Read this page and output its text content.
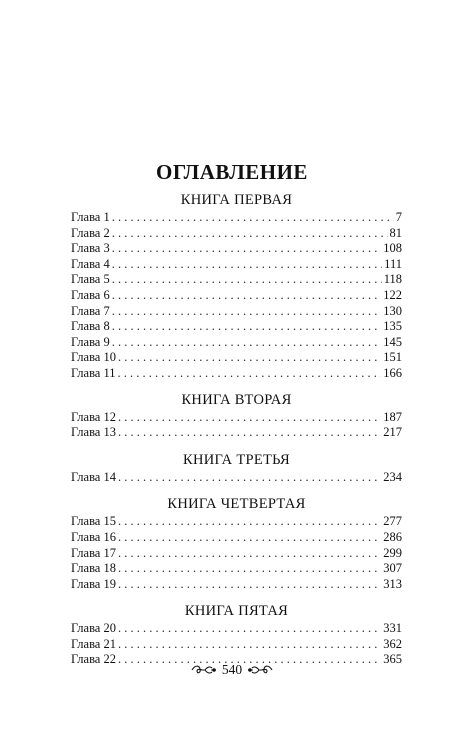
ОГЛАВЛЕНИЕ
КНИГА ПЕРВАЯ
Глава 1 . . .	7
Глава 2 . . .	81
Глава 3 . . .	108
Глава 4 . . .	111
Глава 5 . . .	118
Глава 6 . . .	122
Глава 7 . . .	130
Глава 8 . . .	135
Глава 9 . . .	145
Глава 10 . . .	151
Глава 11 . . .	166
КНИГА ВТОРАЯ
Глава 12 . . .	187
Глава 13 . . .	217
КНИГА ТРЕТЬЯ
Глава 14 . . .	234
КНИГА ЧЕТВЕРТАЯ
Глава 15 . . .	277
Глава 16 . . .	286
Глава 17 . . .	299
Глава 18 . . .	307
Глава 19 . . .	313
КНИГА ПЯТАЯ
Глава 20 . . .	331
Глава 21 . . .	362
Глава 22 . . .	365
540
